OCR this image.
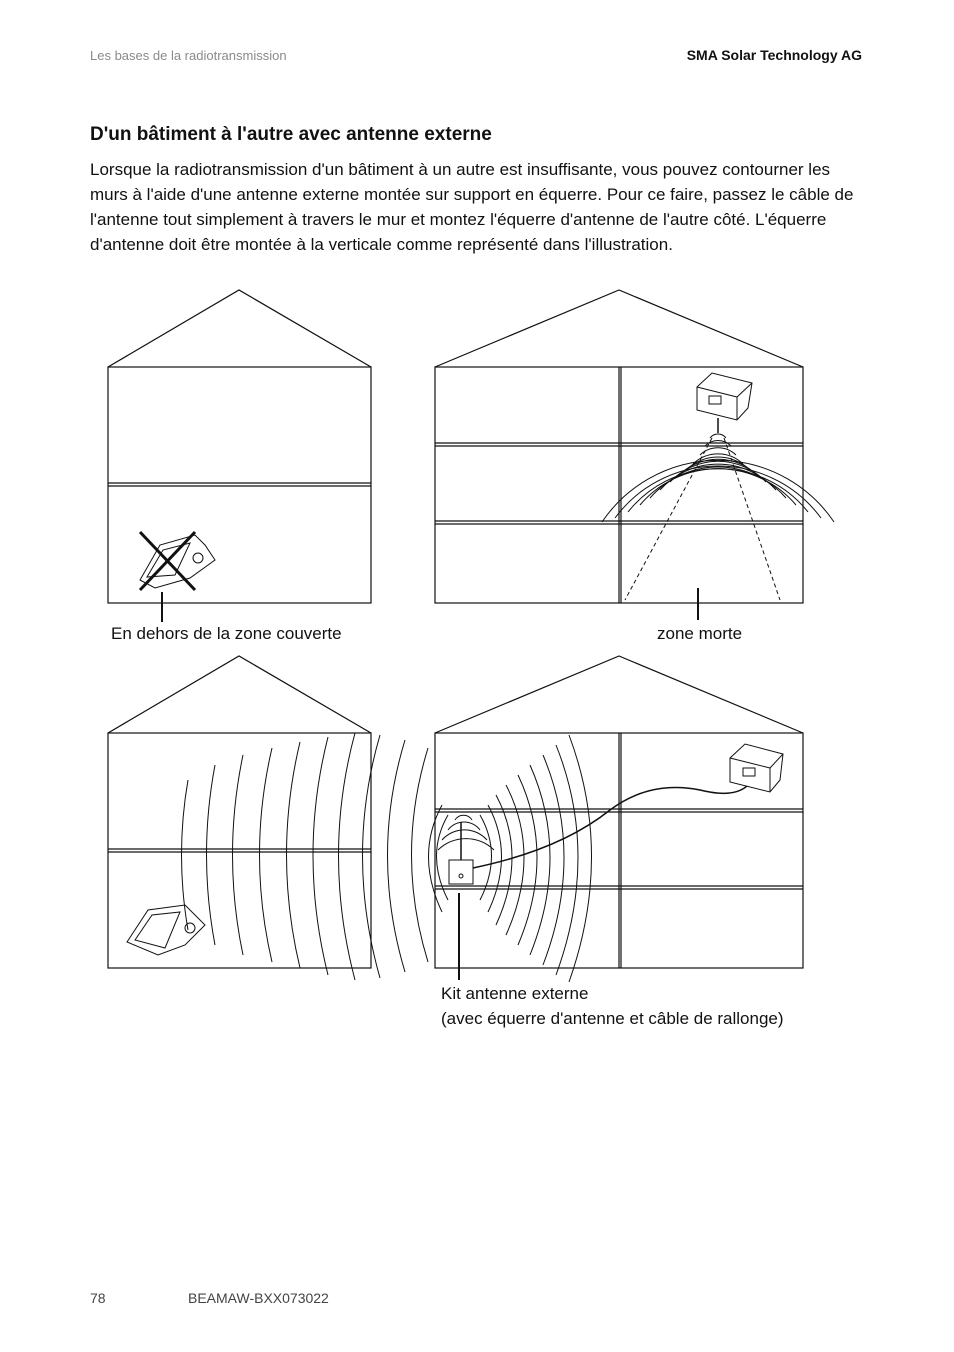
Les bases de la radiotransmission	SMA Solar Technology AG
D'un bâtiment à l'autre avec antenne externe

Lorsque la radiotransmission d'un bâtiment à un autre est insuffisante, vous pouvez contourner les murs à l'aide d'une antenne externe montée sur support en équerre. Pour ce faire, passez le câble de l'antenne tout simplement à travers le mur et montez l'équerre d'antenne de l'autre côté. L'équerre d'antenne doit être montée à la verticale comme représenté dans l'illustration.

En dehors de la zone couverte	zone morte
Kit antenne externe
(avec équerre d'antenne et câble de rallonge)
78	BEAMAW-BXX073022
